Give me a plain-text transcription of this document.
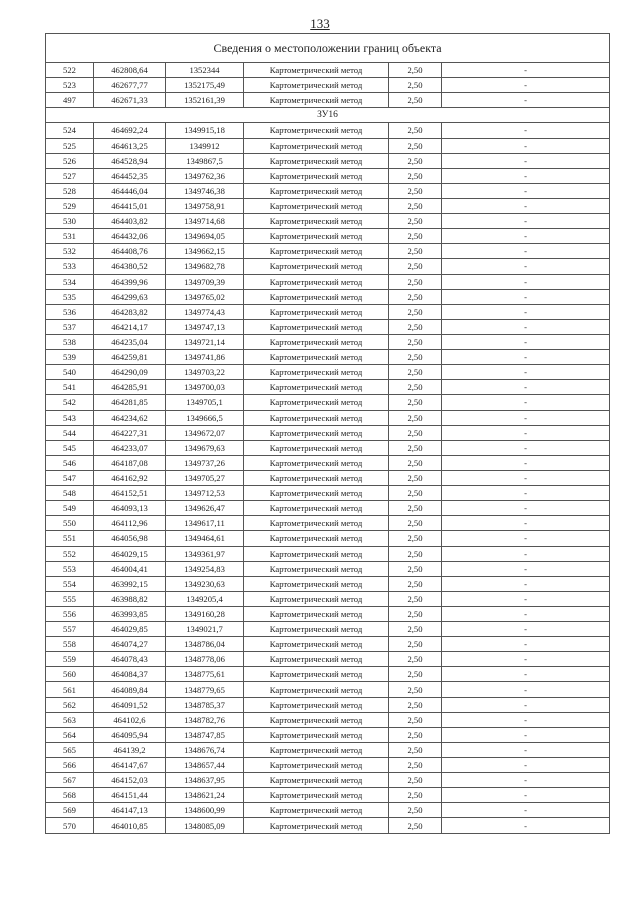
133
Сведения о местоположении границ объекта					
522	462808,64	1352344	Картометрический метод	2,50	-
523	462677,77	1352175,49	Картометрический метод	2,50	-
497	462671,33	1352161,39	Картометрический метод	2,50	-
ЗУ16					
524	464692,24	1349915,18	Картометрический метод	2,50	-
525	464613,25	1349912	Картометрический метод	2,50	-
526	464528,94	1349867,5	Картометрический метод	2,50	-
527	464452,35	1349762,36	Картометрический метод	2,50	-
528	464446,04	1349746,38	Картометрический метод	2,50	-
529	464415,01	1349758,91	Картометрический метод	2,50	-
530	464403,82	1349714,68	Картометрический метод	2,50	-
531	464432,06	1349694,05	Картометрический метод	2,50	-
532	464408,76	1349662,15	Картометрический метод	2,50	-
533	464380,52	1349682,78	Картометрический метод	2,50	-
534	464399,96	1349709,39	Картометрический метод	2,50	-
535	464299,63	1349765,02	Картометрический метод	2,50	-
536	464283,82	1349774,43	Картометрический метод	2,50	-
537	464214,17	1349747,13	Картометрический метод	2,50	-
538	464235,04	1349721,14	Картометрический метод	2,50	-
539	464259,81	1349741,86	Картометрический метод	2,50	-
540	464290,09	1349703,22	Картометрический метод	2,50	-
541	464285,91	1349700,03	Картометрический метод	2,50	-
542	464281,85	1349705,1	Картометрический метод	2,50	-
543	464234,62	1349666,5	Картометрический метод	2,50	-
544	464227,31	1349672,07	Картометрический метод	2,50	-
545	464233,07	1349679,63	Картометрический метод	2,50	-
546	464187,08	1349737,26	Картометрический метод	2,50	-
547	464162,92	1349705,27	Картометрический метод	2,50	-
548	464152,51	1349712,53	Картометрический метод	2,50	-
549	464093,13	1349626,47	Картометрический метод	2,50	-
550	464112,96	1349617,11	Картометрический метод	2,50	-
551	464056,98	1349464,61	Картометрический метод	2,50	-
552	464029,15	1349361,97	Картометрический метод	2,50	-
553	464004,41	1349254,83	Картометрический метод	2,50	-
554	463992,15	1349230,63	Картометрический метод	2,50	-
555	463988,82	1349205,4	Картометрический метод	2,50	-
556	463993,85	1349160,28	Картометрический метод	2,50	-
557	464029,85	1349021,7	Картометрический метод	2,50	-
558	464074,27	1348786,04	Картометрический метод	2,50	-
559	464078,43	1348778,06	Картометрический метод	2,50	-
560	464084,37	1348775,61	Картометрический метод	2,50	-
561	464089,84	1348779,65	Картометрический метод	2,50	-
562	464091,52	1348785,37	Картометрический метод	2,50	-
563	464102,6	1348782,76	Картометрический метод	2,50	-
564	464095,94	1348747,85	Картометрический метод	2,50	-
565	464139,2	1348676,74	Картометрический метод	2,50	-
566	464147,67	1348657,44	Картометрический метод	2,50	-
567	464152,03	1348637,95	Картометрический метод	2,50	-
568	464151,44	1348621,24	Картометрический метод	2,50	-
569	464147,13	1348600,99	Картометрический метод	2,50	-
570	464010,85	1348085,09	Картометрический метод	2,50	-
